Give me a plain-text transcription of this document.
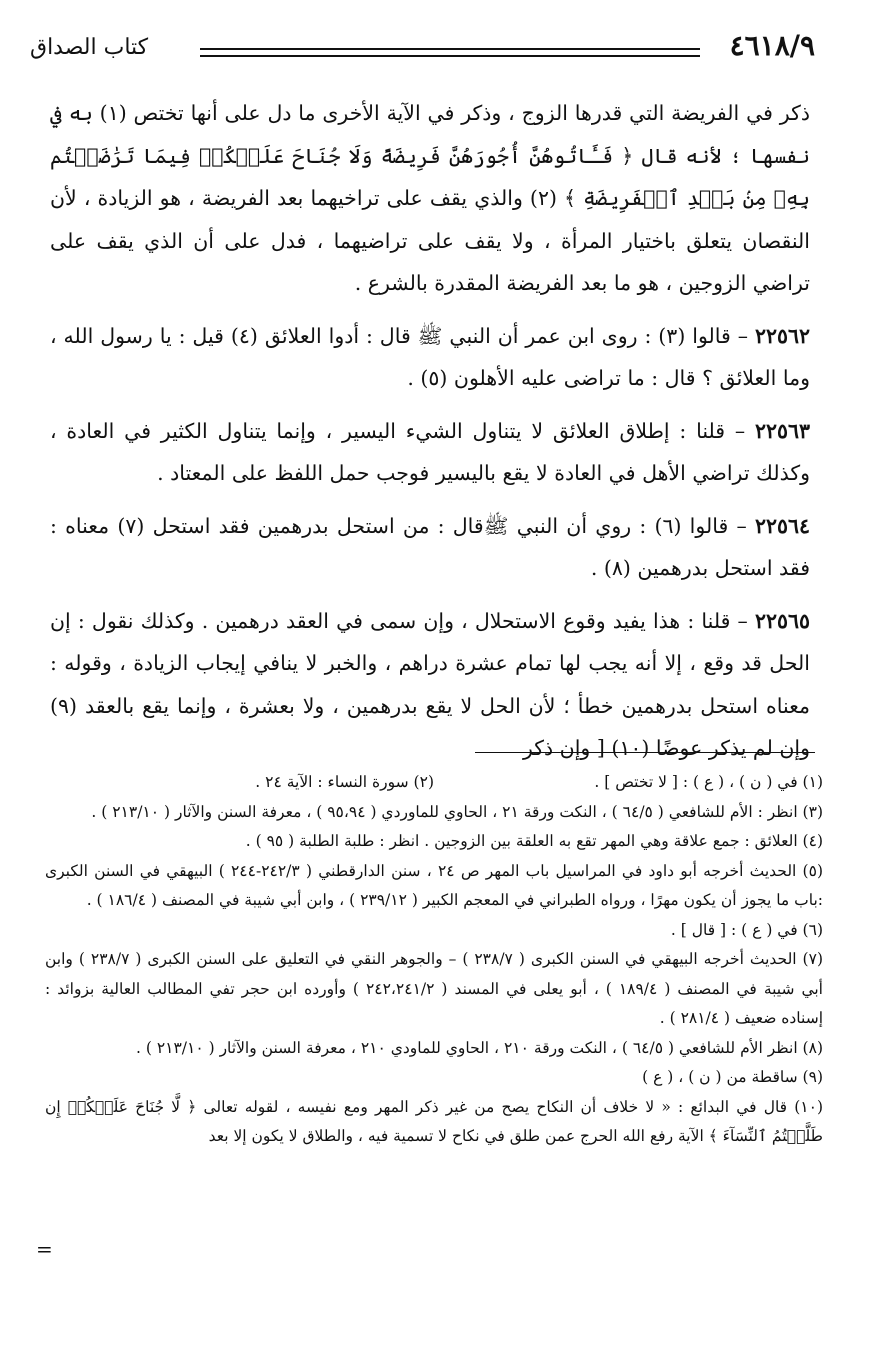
٤٦١٨/٩
كتاب الصداق

ذكر في الفريضة التي قدرها الزوج ، وذكر في الآية الأخرى ما دل على أنها تختص (١) به في نفسها ؛ لأنه قال ﴿ فَـَٔاتُوهُنَّ أُجُورَهُنَّ فَرِيضَةً وَلَا جُنَاحَ عَلَيۡكُمۡ فِيمَا تَرَٰضَيۡتُم بِهِۦ مِنۢ بَعۡدِ ٱلۡفَرِيضَةِ ﴾ (٢) والذي يقف على تراخيهما بعد الفريضة ، هو الزيادة ، لأن النقصان يتعلق باختيار المرأة ، ولا يقف على تراضيهما ، فدل على أن الذي يقف على تراضي الزوجين ، هو ما بعد الفريضة المقدرة بالشرع .

٢٢٥٦٢ – قالوا (٣) : روى ابن عمر أن النبي ﷺ قال : أدوا العلائق (٤) قيل : يا رسول الله ، وما العلائق ؟ قال : ما تراضى عليه الأهلون (٥) .

٢٢٥٦٣ – قلنا : إطلاق العلائق لا يتناول الشيء اليسير ، وإنما يتناول الكثير في العادة ، وكذلك تراضي الأهل في العادة لا يقع باليسير فوجب حمل اللفظ على المعتاد .

٢٢٥٦٤ – قالوا (٦) : روي أن النبي ﷺقال : من استحل بدرهمين فقد استحل (٧) معناه : فقد استحل بدرهمين (٨) .

٢٢٥٦٥ – قلنا : هذا يفيد وقوع الاستحلال ، وإن سمى في العقد درهمين . وكذلك نقول : إن الحل قد وقع ، إلا أنه يجب لها تمام عشرة دراهم ، والخبر لا ينافي إيجاب الزيادة ، وقوله : معناه استحل بدرهمين خطأ ؛ لأن الحل لا يقع بدرهمين ، ولا بعشرة ، وإنما يقع بالعقد (٩) وإن لم يذكر عوضًا (١٠) [ وإن ذكر

(١) في ( ن ) ، ( ع ) : [ لا تختص ] .
(٢) سورة النساء : الآية ٢٤ .
(٣) انظر : الأم للشافعي ( ٦٤/٥ ) ، النكت ورقة ٢١ ، الحاوي للماوردي ( ٩٥،٩٤ ) ، معرفة السنن والآثار ( ٢١٣/١٠ ) .
(٤) العلائق : جمع علاقة وهي المهر تقع به العلقة بين الزوجين . انظر : طلبة الطلبة ( ٩٥ ) .
(٥) الحديث أخرجه أبو داود في المراسيل باب المهر ص ٢٤ ، سنن الدارقطني ( ٢٤٢/٣-٢٤٤ ) البيهقي في السنن الكبرى :باب ما يجوز أن يكون مهرًا ، ورواه الطبراني في المعجم الكبير ( ٢٣٩/١٢ ) ، وابن أبي شيبة في المصنف ( ١٨٦/٤ ) .
(٦) في ( ع ) : [ قال ] .
(٧) الحديث أخرجه البيهقي في السنن الكبرى ( ٢٣٨/٧ ) – والجوهر النقي في التعليق على السنن الكبرى ( ٢٣٨/٧ ) وابن أبي شيبة في المصنف ( ١٨٩/٤ ) ، أبو يعلى في المسند ( ٢٤٢،٢٤١/٢ ) وأورده ابن حجر تفي المطالب العالية بزوائد : إسناده ضعيف ( ٢٨١/٤ ) .
(٨) انظر الأم للشافعي ( ٦٤/٥ ) ، النكت ورقة ٢١٠ ، الحاوي للماودي ٢١٠ ، معرفة السنن والآثار ( ٢١٣/١٠ ) .
(٩) ساقطة من ( ن ) ، ( ع )
(١٠) قال في البدائع : « لا خلاف أن النكاح يصح من غير ذكر المهر ومع نفيسه ، لقوله تعالى ﴿ لَّا جُنَاحَ عَلَيۡكُمۡ إِن طَلَّقۡتُمُ ٱلنِّسَآءَ ﴾ الآية رفع الله الحرج عمن طلق في نكاح لا تسمية فيه ، والطلاق لا يكون إلا بعد
=
